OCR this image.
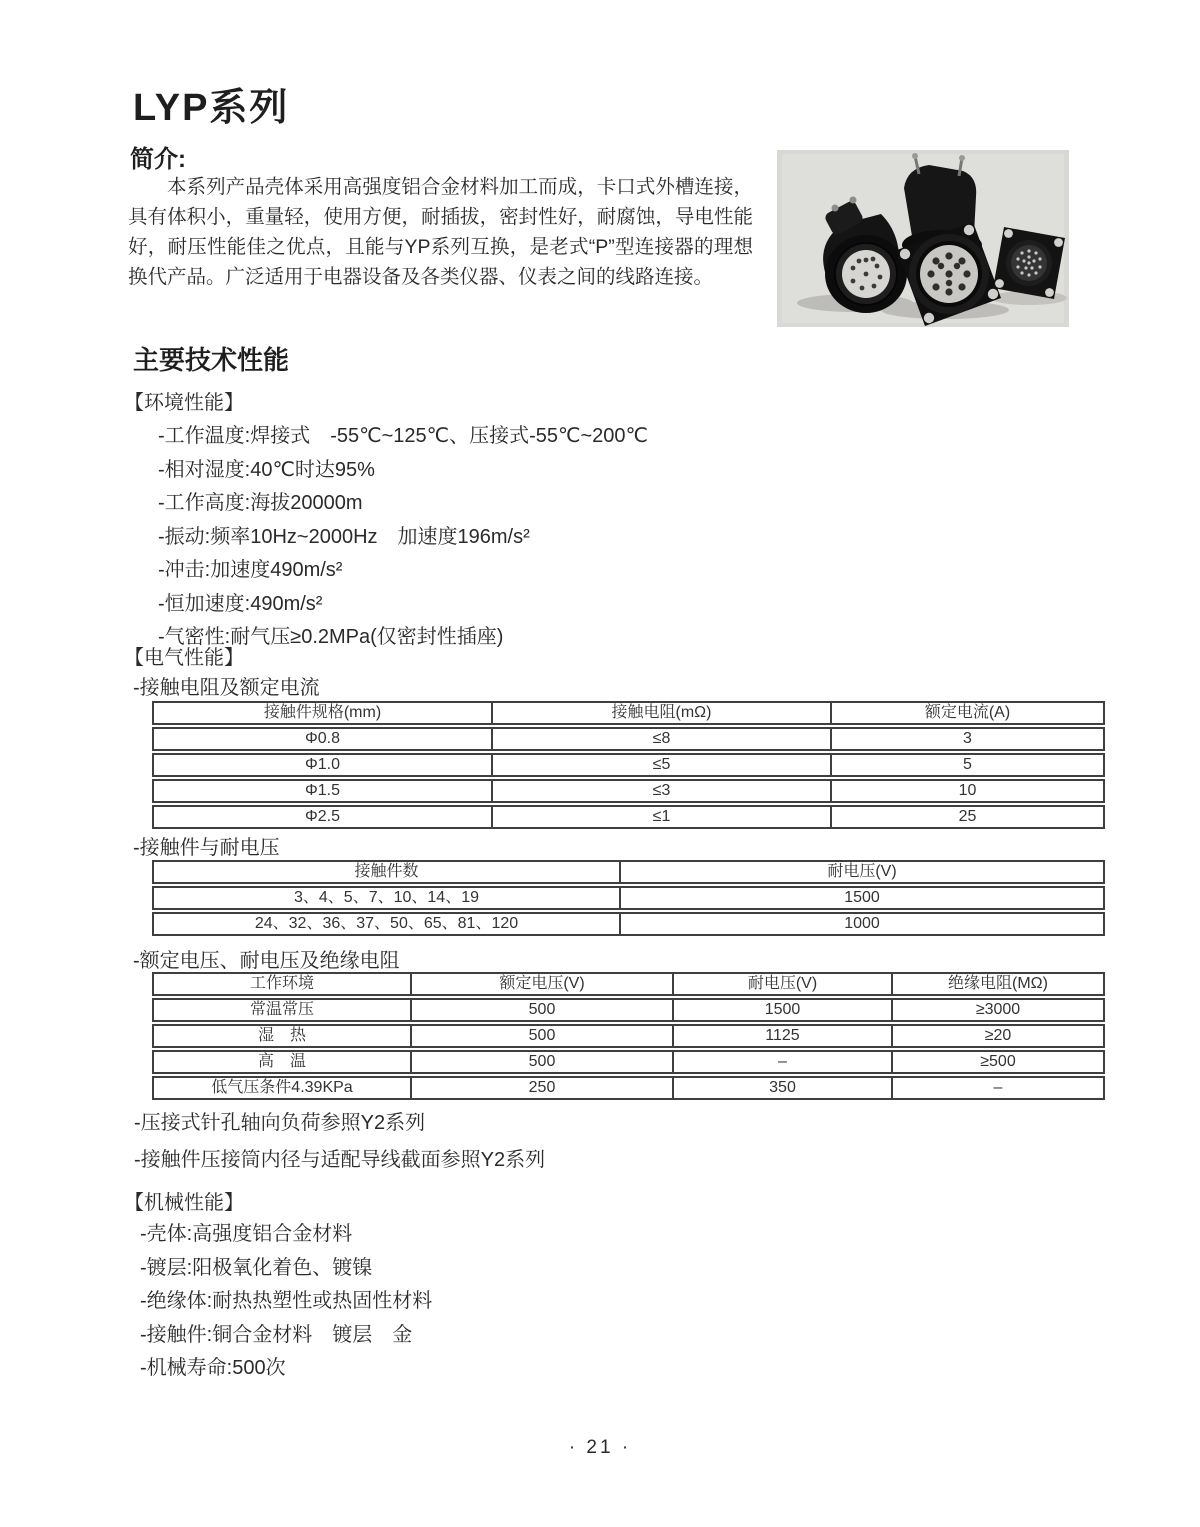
LYP系列
简介:
本系列产品壳体采用高强度铝合金材料加工而成，卡口式外槽连接，具有体积小，重量轻，使用方便，耐插拔，密封性好，耐腐蚀，导电性能好，耐压性能佳之优点，且能与YP系列互换，是老式“P”型连接器的理想换代产品。广泛适用于电器设备及各类仪器、仪表之间的线路连接。
主要技术性能
【环境性能】
-工作温度:焊接式　-55℃~125℃、压接式-55℃~200℃
-相对湿度:40℃时达95%
-工作高度:海拔20000m
-振动:频率10Hz~2000Hz　加速度196m/s²
-冲击:加速度490m/s²
-恒加速度:490m/s²
-气密性:耐气压≥0.2MPa(仅密封性插座)
【电气性能】
-接触电阻及额定电流
接触件规格(mm)	接触电阻(mΩ)	额定电流(A)
Φ0.8	≤8	3
Φ1.0	≤5	5
Φ1.5	≤3	10
Φ2.5	≤1	25
-接触件与耐电压
接触件数	耐电压(V)
3、4、5、7、10、14、19	1500
24、32、36、37、50、65、81、120	1000
-额定电压、耐电压及绝缘电阻
工作环境	额定电压(V)	耐电压(V)	绝缘电阻(MΩ)
常温常压	500	1500	≥3000
湿　热	500	1125	≥20
高　温	500	–	≥500
低气压条件4.39KPa	250	350	–
-压接式针孔轴向负荷参照Y2系列
-接触件压接筒内径与适配导线截面参照Y2系列
【机械性能】
-壳体:高强度铝合金材料
-镀层:阳极氧化着色、镀镍
-绝缘体:耐热热塑性或热固性材料
-接触件:铜合金材料　镀层　金
-机械寿命:500次
· 21 ·
